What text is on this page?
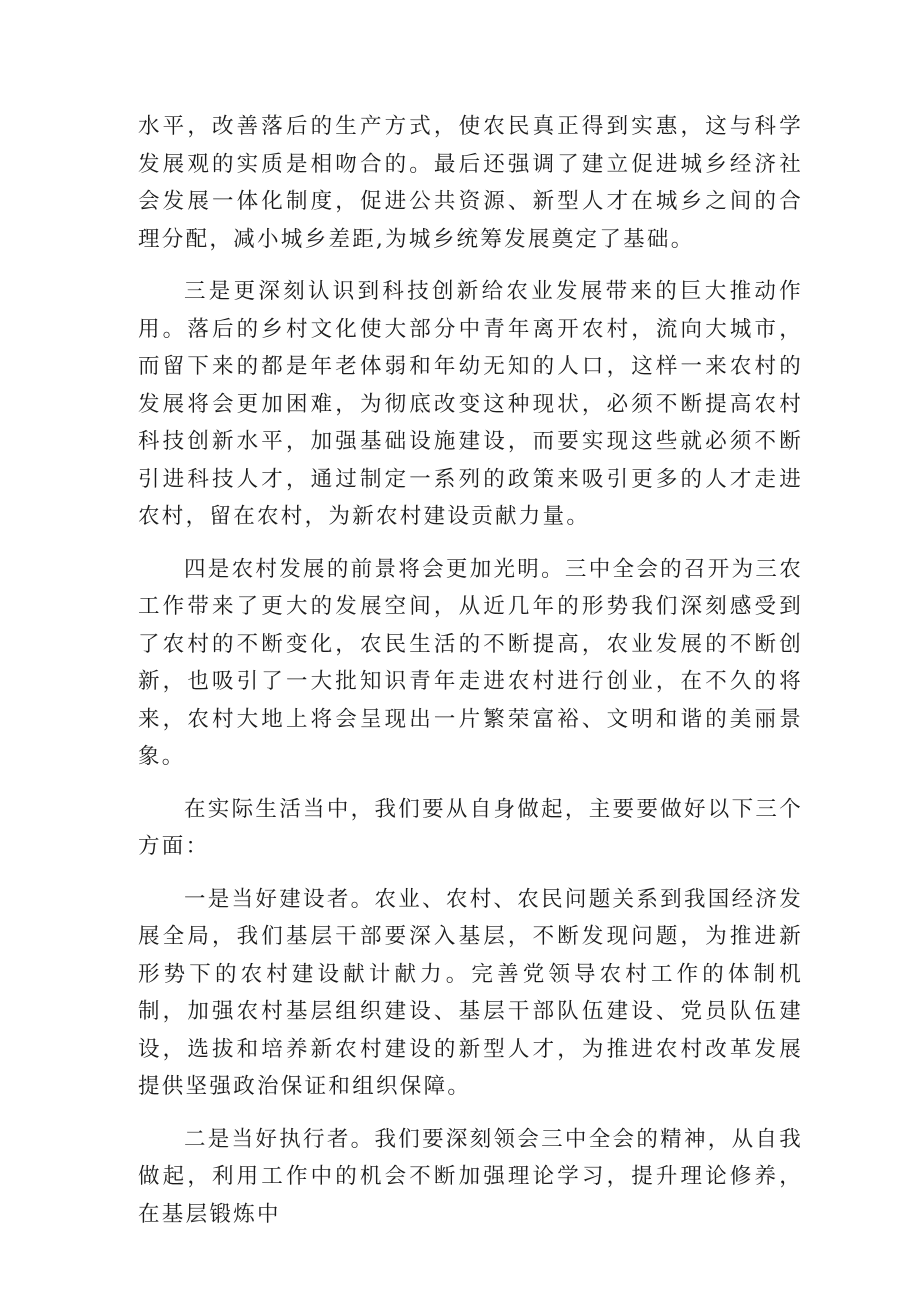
水平，改善落后的生产方式，使农民真正得到实惠，这与科学发展观的实质是相吻合的。最后还强调了建立促进城乡经济社会发展一体化制度，促进公共资源、新型人才在城乡之间的合理分配，减小城乡差距,为城乡统筹发展奠定了基础。

三是更深刻认识到科技创新给农业发展带来的巨大推动作用。落后的乡村文化使大部分中青年离开农村，流向大城市，而留下来的都是年老体弱和年幼无知的人口，这样一来农村的发展将会更加困难，为彻底改变这种现状，必须不断提高农村科技创新水平，加强基础设施建设，而要实现这些就必须不断引进科技人才，通过制定一系列的政策来吸引更多的人才走进农村，留在农村，为新农村建设贡献力量。

四是农村发展的前景将会更加光明。三中全会的召开为三农工作带来了更大的发展空间，从近几年的形势我们深刻感受到了农村的不断变化，农民生活的不断提高，农业发展的不断创新，也吸引了一大批知识青年走进农村进行创业，在不久的将来，农村大地上将会呈现出一片繁荣富裕、文明和谐的美丽景象。

在实际生活当中，我们要从自身做起，主要要做好以下三个方面：

一是当好建设者。农业、农村、农民问题关系到我国经济发展全局，我们基层干部要深入基层，不断发现问题，为推进新形势下的农村建设献计献力。完善党领导农村工作的体制机制，加强农村基层组织建设、基层干部队伍建设、党员队伍建设，选拔和培养新农村建设的新型人才，为推进农村改革发展提供坚强政治保证和组织保障。

二是当好执行者。我们要深刻领会三中全会的精神，从自我做起，利用工作中的机会不断加强理论学习，提升理论修养，在基层锻炼中
